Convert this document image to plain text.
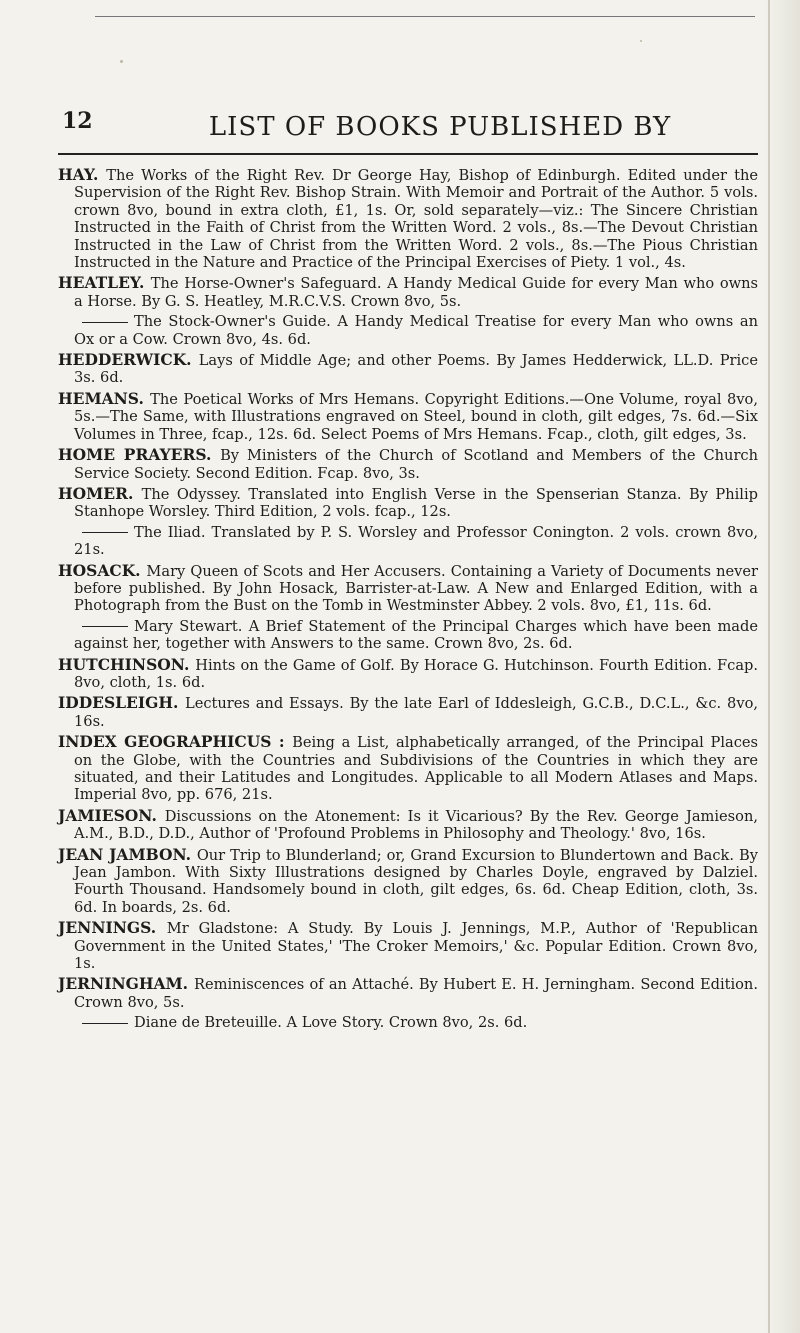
12	LIST OF BOOKS PUBLISHED BY

HAY. The Works of the Right Rev. Dr George Hay, Bishop of Edinburgh. Edited under the Supervision of the Right Rev. Bishop Strain. With Memoir and Portrait of the Author. 5 vols. crown 8vo, bound in extra cloth, £1, 1s. Or, sold separately—viz.: The Sincere Christian Instructed in the Faith of Christ from the Written Word. 2 vols., 8s.—The Devout Christian Instructed in the Law of Christ from the Written Word. 2 vols., 8s.—The Pious Christian Instructed in the Nature and Practice of the Principal Exercises of Piety. 1 vol., 4s.

HEATLEY. The Horse-Owner's Safeguard. A Handy Medical Guide for every Man who owns a Horse. By G. S. Heatley, M.R.C.V.S. Crown 8vo, 5s.

The Stock-Owner's Guide. A Handy Medical Treatise for every Man who owns an Ox or a Cow. Crown 8vo, 4s. 6d.

HEDDERWICK. Lays of Middle Age; and other Poems. By James Hedderwick, LL.D. Price 3s. 6d.

HEMANS. The Poetical Works of Mrs Hemans. Copyright Editions.—One Volume, royal 8vo, 5s.—The Same, with Illustrations engraved on Steel, bound in cloth, gilt edges, 7s. 6d.—Six Volumes in Three, fcap., 12s. 6d. Select Poems of Mrs Hemans. Fcap., cloth, gilt edges, 3s.

HOME PRAYERS. By Ministers of the Church of Scotland and Members of the Church Service Society. Second Edition. Fcap. 8vo, 3s.

HOMER. The Odyssey. Translated into English Verse in the Spenserian Stanza. By Philip Stanhope Worsley. Third Edition, 2 vols. fcap., 12s.

The Iliad. Translated by P. S. Worsley and Professor Conington. 2 vols. crown 8vo, 21s.

HOSACK. Mary Queen of Scots and Her Accusers. Containing a Variety of Documents never before published. By John Hosack, Barrister-at-Law. A New and Enlarged Edition, with a Photograph from the Bust on the Tomb in Westminster Abbey. 2 vols. 8vo, £1, 11s. 6d.

Mary Stewart. A Brief Statement of the Principal Charges which have been made against her, together with Answers to the same. Crown 8vo, 2s. 6d.

HUTCHINSON. Hints on the Game of Golf. By Horace G. Hutchinson. Fourth Edition. Fcap. 8vo, cloth, 1s. 6d.

IDDESLEIGH. Lectures and Essays. By the late Earl of Iddesleigh, G.C.B., D.C.L., &c. 8vo, 16s.

INDEX GEOGRAPHICUS : Being a List, alphabetically arranged, of the Principal Places on the Globe, with the Countries and Subdivisions of the Countries in which they are situated, and their Latitudes and Longitudes. Applicable to all Modern Atlases and Maps. Imperial 8vo, pp. 676, 21s.

JAMIESON. Discussions on the Atonement: Is it Vicarious? By the Rev. George Jamieson, A.M., B.D., D.D., Author of 'Profound Problems in Philosophy and Theology.' 8vo, 16s.

JEAN JAMBON. Our Trip to Blunderland; or, Grand Excursion to Blundertown and Back. By Jean Jambon. With Sixty Illustrations designed by Charles Doyle, engraved by Dalziel. Fourth Thousand. Handsomely bound in cloth, gilt edges, 6s. 6d. Cheap Edition, cloth, 3s. 6d. In boards, 2s. 6d.

JENNINGS. Mr Gladstone: A Study. By Louis J. Jennings, M.P., Author of 'Republican Government in the United States,' 'The Croker Memoirs,' &c. Popular Edition. Crown 8vo, 1s.

JERNINGHAM. Reminiscences of an Attaché. By Hubert E. H. Jerningham. Second Edition. Crown 8vo, 5s.

Diane de Breteuille. A Love Story. Crown 8vo, 2s. 6d.
